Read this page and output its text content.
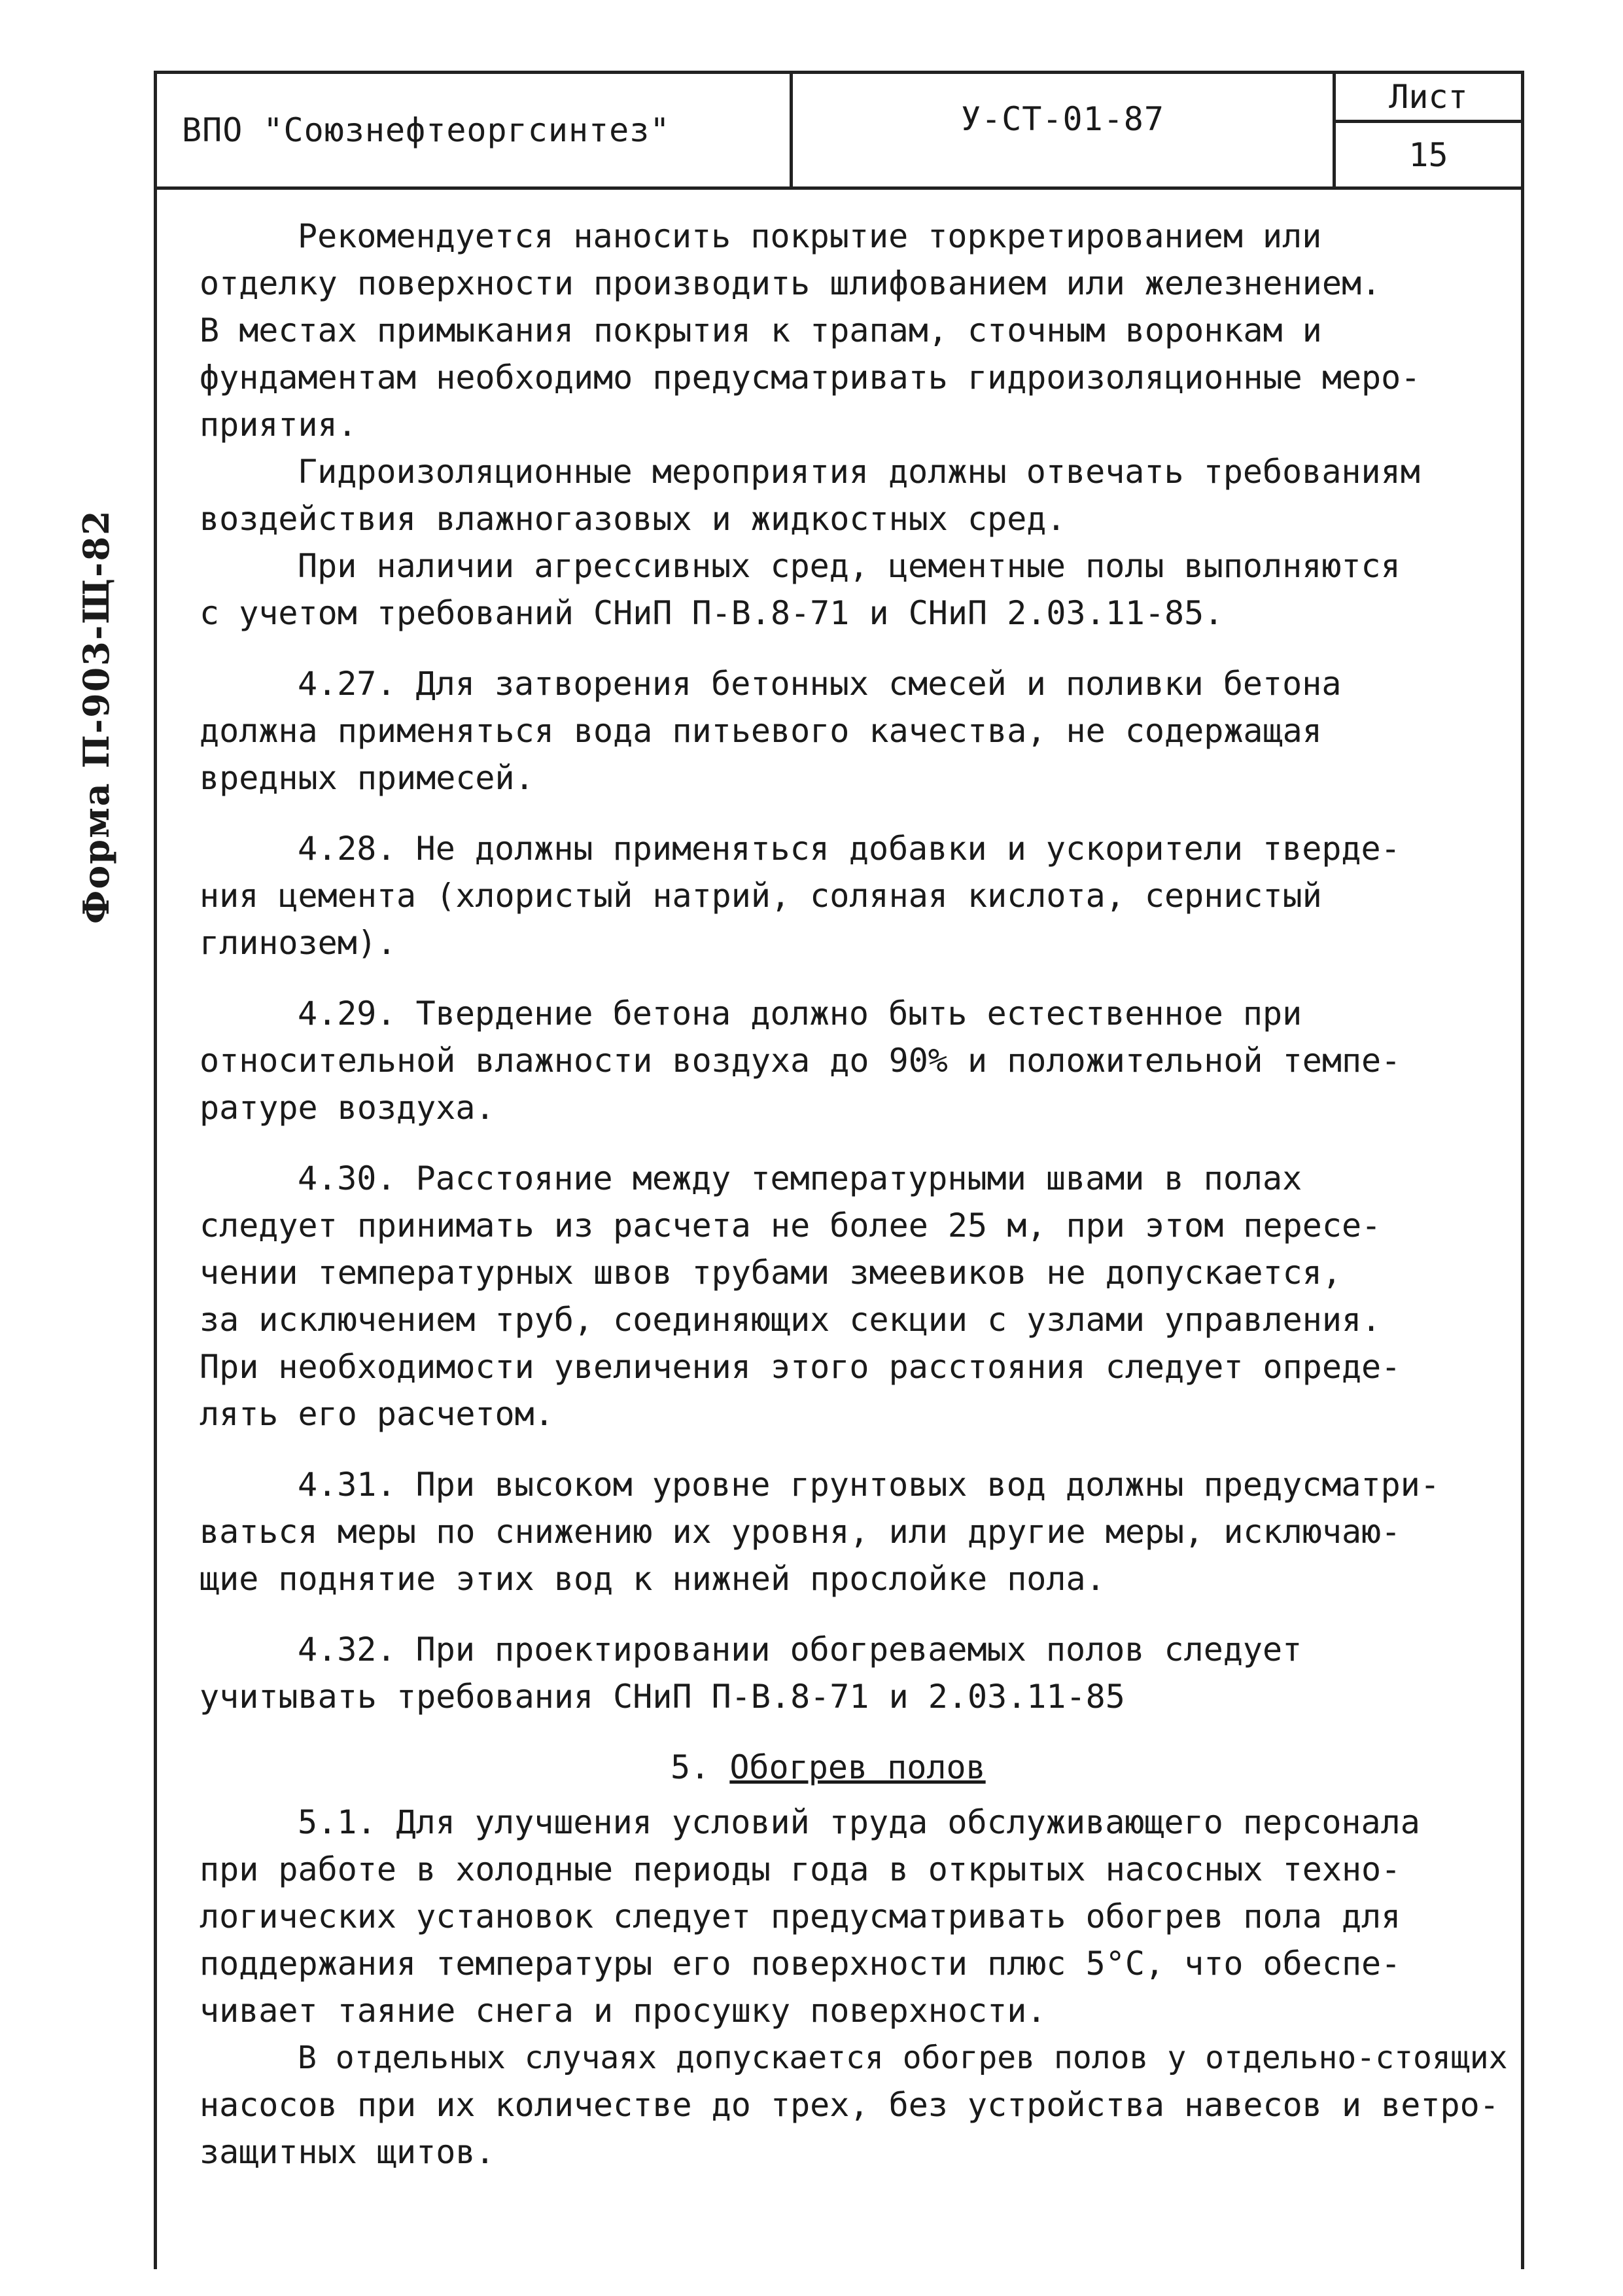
ВПО "Союзнефтеоргсинтез"	У-СТ-01-87
Лист
15
Форма П-903-Щ-82
Рекомендуется наносить покрытие торкретированием или
отделку поверхности производить шлифованием или железнением.
В местах примыкания покрытия к трапам, сточным воронкам и
фундаментам необходимо предусматривать гидроизоляционные меро-
приятия.
Гидроизоляционные мероприятия должны отвечать требованиям
воздействия влажногазовых и жидкостных сред.
При наличии агрессивных сред, цементные полы выполняются
с учетом требований СНиП П-В.8-71 и СНиП 2.03.11-85.
4.27. Для затворения бетонных смесей и поливки бетона
должна применяться вода питьевого качества, не содержащая
вредных примесей.
4.28. Не должны применяться добавки и ускорители тверде-
ния цемента (хлористый натрий, соляная кислота, сернистый
глинозем).
4.29. Твердение бетона должно быть естественное при
относительной влажности воздуха до 90% и положительной темпе-
ратуре воздуха.
4.30. Расстояние между температурными швами в полах
следует принимать из расчета не более 25 м, при этом пересе-
чении температурных швов трубами змеевиков не допускается,
за исключением труб, соединяющих секции с узлами управления.
При необходимости увеличения этого расстояния следует опреде-
лять его расчетом.
4.31. При высоком уровне грунтовых вод должны предусматри-
ваться меры по снижению их уровня, или другие меры, исключаю-
щие поднятие этих вод к нижней прослойке пола.
4.32. При проектировании обогреваемых полов следует
учитывать требования СНиП П-В.8-71 и 2.03.11-85
5. Обогрев полов
5.1. Для улучшения условий труда обслуживающего персонала
при работе в холодные периоды года в открытых насосных техно-
логических установок следует предусматривать обогрев пола для
поддержания температуры его поверхности плюс 5°С, что обеспе-
чивает таяние снега и просушку поверхности.
В отдельных случаях допускается обогрев полов у отдельно-стоящих
насосов при их количестве до трех, без устройства навесов и ветро-
защитных щитов.
